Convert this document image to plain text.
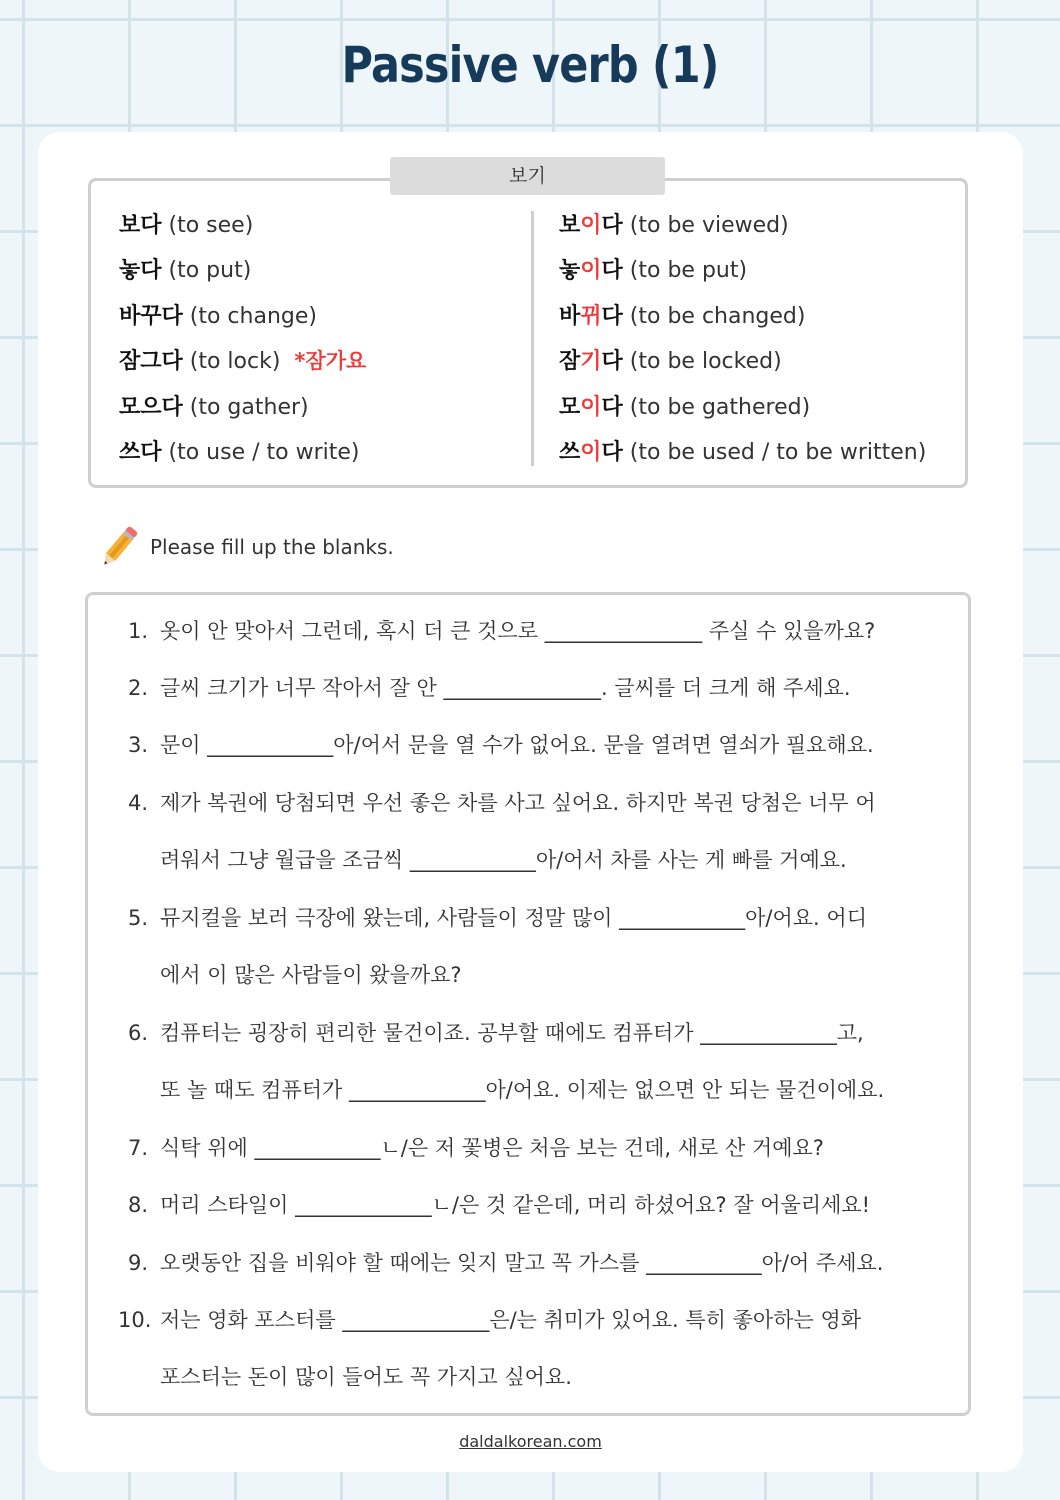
Passive verb (1)
보다 (to see)
놓다 (to put)
바꾸다 (to change)
잠그다 (to lock) *잠가요
모으다 (to gather)
쓰다 (to use / to write)
보이다 (to be viewed)
놓이다 (to be put)
바뀌다 (to be changed)
잠기다 (to be locked)
모이다 (to be gathered)
쓰이다 (to be used / to be written)
보기
Please fill up the blanks.
1. 옷이 안 맞아서 그런데, 혹시 더 큰 것으로 _______________ 주실 수 있을까요?
2. 글씨 크기가 너무 작아서 잘 안 _______________. 글씨를 더 크게 해 주세요.
3. 문이 ____________아/어서 문을 열 수가 없어요. 문을 열려면 열쇠가 필요해요.
4. 제가 복권에 당첨되면 우선 좋은 차를 사고 싶어요. 하지만 복권 당첨은 너무 어
려워서 그냥 월급을 조금씩 ____________아/어서 차를 사는 게 빠를 거예요.
5. 뮤지컬을 보러 극장에 왔는데, 사람들이 정말 많이 ____________아/어요. 어디
에서 이 많은 사람들이 왔을까요?
6. 컴퓨터는 굉장히 편리한 물건이죠. 공부할 때에도 컴퓨터가 _____________고,
또 놀 때도 컴퓨터가 _____________아/어요. 이제는 없으면 안 되는 물건이에요.
7. 식탁 위에 ____________ㄴ/은 저 꽃병은 처음 보는 건데, 새로 산 거예요?
8. 머리 스타일이 _____________ㄴ/은 것 같은데, 머리 하셨어요? 잘 어울리세요!
9. 오랫동안 집을 비워야 할 때에는 잊지 말고 꼭 가스를 ___________아/어 주세요.
10. 저는 영화 포스터를 ______________은/는 취미가 있어요. 특히 좋아하는 영화
포스터는 돈이 많이 들어도 꼭 가지고 싶어요.
daldalkorean.com
